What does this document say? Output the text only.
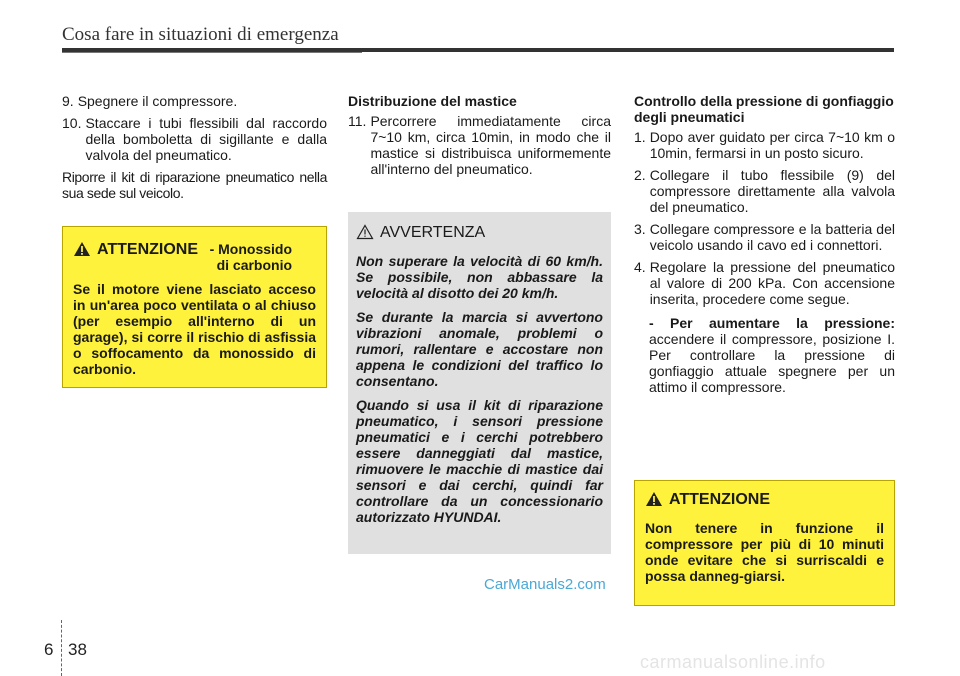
Cosa fare in situazioni di emergenza
9. Spegnere il compressore.
10. Staccare i tubi flessibili dal raccordo della bomboletta di sigillante e dalla valvola del pneumatico.

Riporre il kit di riparazione pneumatico nella sua sede sul veicolo.

ATTENZIONE - Monossido di carbonio
Se il motore viene lasciato acceso in un'area poco ventilata o al chiuso (per esempio all'interno di un garage), si corre il rischio di asfissia o soffocamento da monossido di carbonio.

Distribuzione del mastice

11. Percorrere immediatamente circa 7~10 km, circa 10min, in modo che il mastice si distribuisca uniformemente all'interno del pneumatico.
AVVERTENZA

Non superare la velocità di 60 km/h. Se possibile, non abbassare la velocità al disotto dei 20 km/h.

Se durante la marcia si avvertono vibrazioni anomale, problemi o rumori, rallentare e accostare non appena le condizioni del traffico lo consentano.

Quando si usa il kit di riparazione pneumatico, i sensori pressione pneumatici e i cerchi potrebbero essere danneggiati dal mastice, rimuovere le macchie di mastice dai sensori e dai cerchi, quindi far controllare da un concessionario autorizzato HYUNDAI.

Controllo della pressione di gonfiaggio degli pneumatici

1. Dopo aver guidato per circa 7~10 km o 10min, fermarsi in un posto sicuro.
2. Collegare il tubo flessibile (9) del compressore direttamente alla valvola del pneumatico.
3. Collegare compressore e la batteria del veicolo usando il cavo ed i connettori.
4. Regolare la pressione del pneumatico al valore di 200 kPa. Con accensione inserita, procedere come segue.
- Per aumentare la pressione: accendere il compressore, posizione I. Per controllare la pressione di gonfiaggio attuale spegnere per un attimo il compressore.
ATTENZIONE
Non tenere in funzione il compressore per più di 10 minuti onde evitare che si surriscaldi e possa danneg-giarsi.
CarManuals2.com
6 38
carmanualsonline.info
